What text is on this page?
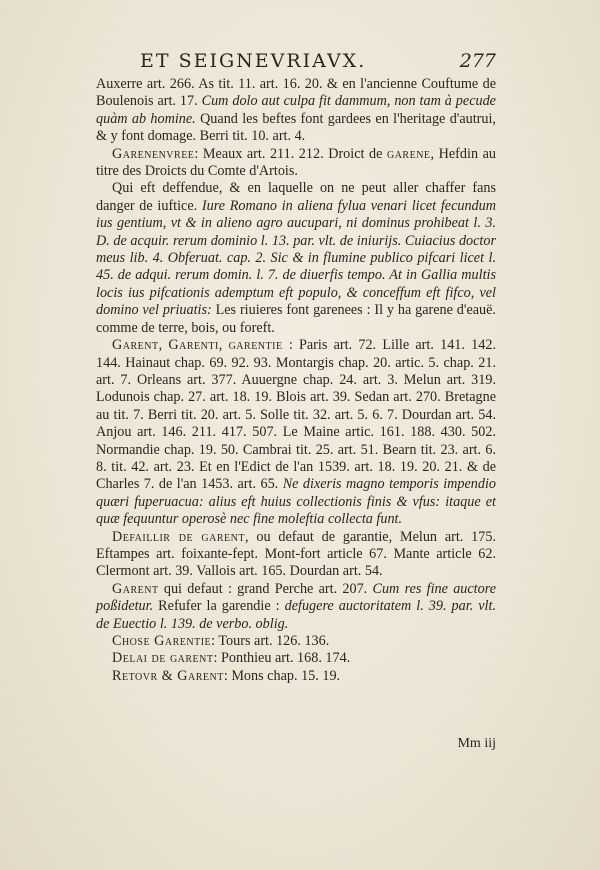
ET SEIGNEVRIAVX.	277

Auxerre art. 266. As tit. 11. art. 16. 20. & en l'ancienne Couftume de Boulenois art. 17. Cum dolo aut culpa fit dammum, non tam à pecude quàm ab homine. Quand les beftes font gardees en l'heritage d'autrui, & y font domage. Berri tit. 10. art. 4.

Garenenvree: Meaux art. 211. 212. Droict de garene, Hefdin au titre des Droicts du Comte d'Artois.

Qui eft deffendue, & en laquelle on ne peut aller chaffer fans danger de iuftice. Iure Romano in aliena fylua venari licet fecundum ius gentium, vt & in alieno agro aucupari, ni dominus prohibeat l. 3. D. de acquir. rerum dominio l. 13. par. vlt. de iniurijs. Cuiacius doctor meus lib. 4. Obferuat. cap. 2. Sic & in flumine publico pifcari licet l. 45. de adqui. rerum domin. l. 7. de diuerfis tempo. At in Gallia multis locis ius pifcationis ademptum eft populo, & conceffum eft fifco, vel domino vel priuatis: Les riuieres font garenees : Il y ha garene d'eauë. comme de terre, bois, ou foreft.

Garent, Garenti, garentie : Paris art. 72. Lille art. 141. 142. 144. Hainaut chap. 69. 92. 93. Montargis chap. 20. artic. 5. chap. 21. art. 7. Orleans art. 377. Auuergne chap. 24. art. 3. Melun art. 319. Lodunois chap. 27. art. 18. 19. Blois art. 39. Sedan art. 270. Bretagne au tit. 7. Berri tit. 20. art. 5. Solle tit. 32. art. 5. 6. 7. Dourdan art. 54. Anjou art. 146. 211. 417. 507. Le Maine artic. 161. 188. 430. 502. Normandie chap. 19. 50. Cambrai tit. 25. art. 51. Bearn tit. 23. art. 6. 8. tit. 42. art. 23. Et en l'Edict de l'an 1539. art. 18. 19. 20. 21. & de Charles 7. de l'an 1453. art. 65. Ne dixeris magno temporis impendio quæri fuperuacua: alius eft huius collectionis finis & vfus: itaque et quæ fequuntur operosè nec fine moleftia collecta funt.

Defaillir de garent, ou defaut de garantie, Melun art. 175. Eftampes art. foixante-fept. Mont-fort article 67. Mante article 62. Clermont art. 39. Vallois art. 165. Dourdan art. 54.

Garent qui defaut : grand Perche art. 207. Cum res fine auctore poßidetur. Refufer la garendie : defugere auctoritatem l. 39. par. vlt. de Euectio l. 139. de verbo. oblig.

Chose Garentie: Tours art. 126. 136.

Delai de garent: Ponthieu art. 168. 174.

Retovr & Garent: Mons chap. 15. 19.

Mm iij
